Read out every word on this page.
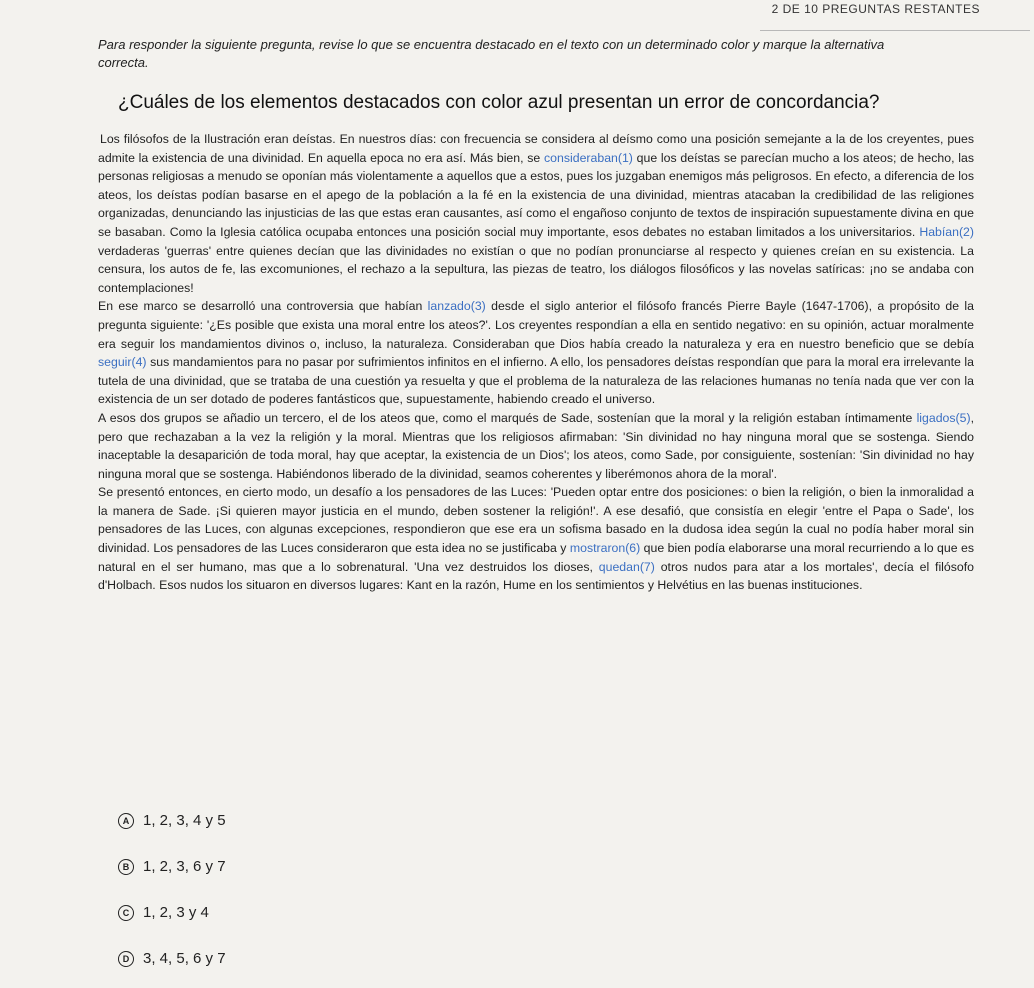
2 DE 10 PREGUNTAS RESTANTES
Para responder la siguiente pregunta, revise lo que se encuentra destacado en el texto con un determinado color y marque la alternativa
correcta.
¿Cuáles de los elementos destacados con color azul presentan un error de concordancia?

Los filósofos de la Ilustración eran deístas. En nuestros días: con frecuencia se considera al deísmo como una posición semejante a la de los creyentes, pues admite la existencia de una divinidad. En aquella epoca no era así. Más bien, se consideraban(1) que los deístas se parecían mucho a los ateos; de hecho, las personas religiosas a menudo se oponían más violentamente a aquellos que a estos, pues los juzgaban enemigos más peligrosos. En efecto, a diferencia de los ateos, los deístas podían basarse en el apego de la población a la fé en la existencia de una divinidad, mientras atacaban la credibilidad de las religiones organizadas, denunciando las injusticias de las que estas eran causantes, así como el engañoso conjunto de textos de inspiración supuestamente divina en que se basaban. Como la Iglesia católica ocupaba entonces una posición social muy importante, esos debates no estaban limitados a los universitarios. Habían(2) verdaderas 'guerras' entre quienes decían que las divinidades no existían o que no podían pronunciarse al respecto y quienes creían en su existencia. La censura, los autos de fe, las excomuniones, el rechazo a la sepultura, las piezas de teatro, los diálogos filosóficos y las novelas satíricas: ¡no se andaba con contemplaciones!

En ese marco se desarrolló una controversia que habían lanzado(3) desde el siglo anterior el filósofo francés Pierre Bayle (1647-1706), a propósito de la pregunta siguiente: '¿Es posible que exista una moral entre los ateos?'. Los creyentes respondían a ella en sentido negativo: en su opinión, actuar moralmente era seguir los mandamientos divinos o, incluso, la naturaleza. Consideraban que Dios había creado la naturaleza y era en nuestro beneficio que se debía seguir(4) sus mandamientos para no pasar por sufrimientos infinitos en el infierno. A ello, los pensadores deístas respondían que para la moral era irrelevante la tutela de una divinidad, que se trataba de una cuestión ya resuelta y que el problema de la naturaleza de las relaciones humanas no tenía nada que ver con la existencia de un ser dotado de poderes fantásticos que, supuestamente, habiendo creado el universo.

A esos dos grupos se añadio un tercero, el de los ateos que, como el marqués de Sade, sostenían que la moral y la religión estaban íntimamente ligados(5), pero que rechazaban a la vez la religión y la moral. Mientras que los religiosos afirmaban: 'Sin divinidad no hay ninguna moral que se sostenga. Siendo inaceptable la desaparición de toda moral, hay que aceptar, la existencia de un Dios'; los ateos, como Sade, por consiguiente, sostenían: 'Sin divinidad no hay ninguna moral que se sostenga. Habiéndonos liberado de la divinidad, seamos coherentes y liberémonos ahora de la moral'.

Se presentó entonces, en cierto modo, un desafío a los pensadores de las Luces: 'Pueden optar entre dos posiciones: o bien la religión, o bien la inmoralidad a la manera de Sade. ¡Si quieren mayor justicia en el mundo, deben sostener la religión!'. A ese desafió, que consistía en elegir 'entre el Papa o Sade', los pensadores de las Luces, con algunas excepciones, respondieron que ese era un sofisma basado en la dudosa idea según la cual no podía haber moral sin divinidad. Los pensadores de las Luces consideraron que esta idea no se justificaba y mostraron(6) que bien podía elaborarse una moral recurriendo a lo que es natural en el ser humano, mas que a lo sobrenatural. 'Una vez destruidos los dioses, quedan(7) otros nudos para atar a los mortales', decía el filósofo d'Holbach. Esos nudos los situaron en diversos lugares: Kant en la razón, Hume en los sentimientos y Helvétius en las buenas instituciones.

A 1, 2, 3, 4 y 5
B 1, 2, 3, 6 y 7
C 1, 2, 3 y 4
D 3, 4, 5, 6 y 7
